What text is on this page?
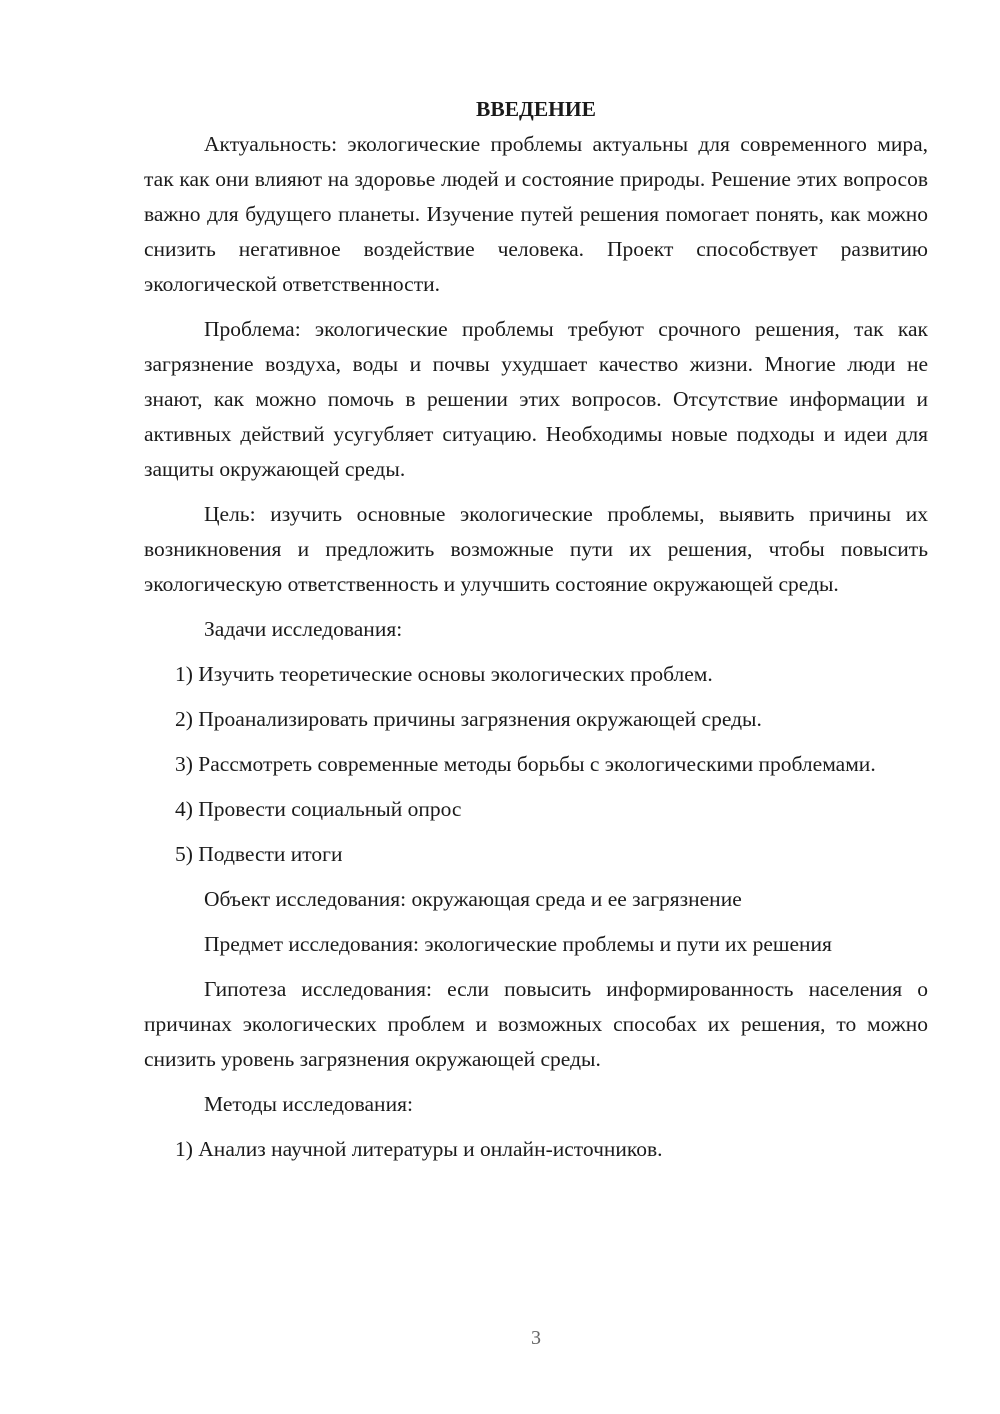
ВВЕДЕНИЕ

Актуальность: экологические проблемы актуальны для современного мира, так как они влияют на здоровье людей и состояние природы. Решение этих вопросов важно для будущего планеты. Изучение путей решения помогает понять, как можно снизить негативное воздействие человека. Проект способствует развитию экологической ответственности.

Проблема: экологические проблемы требуют срочного решения, так как загрязнение воздуха, воды и почвы ухудшает качество жизни. Многие люди не знают, как можно помочь в решении этих вопросов. Отсутствие информации и активных действий усугубляет ситуацию. Необходимы новые подходы и идеи для защиты окружающей среды.

Цель: изучить основные экологические проблемы, выявить причины их возникновения и предложить возможные пути их решения, чтобы повысить экологическую ответственность и улучшить состояние окружающей среды.

Задачи исследования:

1) Изучить теоретические основы экологических проблем.

2) Проанализировать причины загрязнения окружающей среды.

3) Рассмотреть современные методы борьбы с экологическими проблемами.

4) Провести социальный опрос

5) Подвести итоги

Объект исследования: окружающая среда и ее загрязнение

Предмет исследования: экологические проблемы и пути их решения

Гипотеза исследования: если повысить информированность населения о причинах экологических проблем и возможных способах их решения, то можно снизить уровень загрязнения окружающей среды.

Методы исследования:

1) Анализ научной литературы и онлайн-источников.

3
